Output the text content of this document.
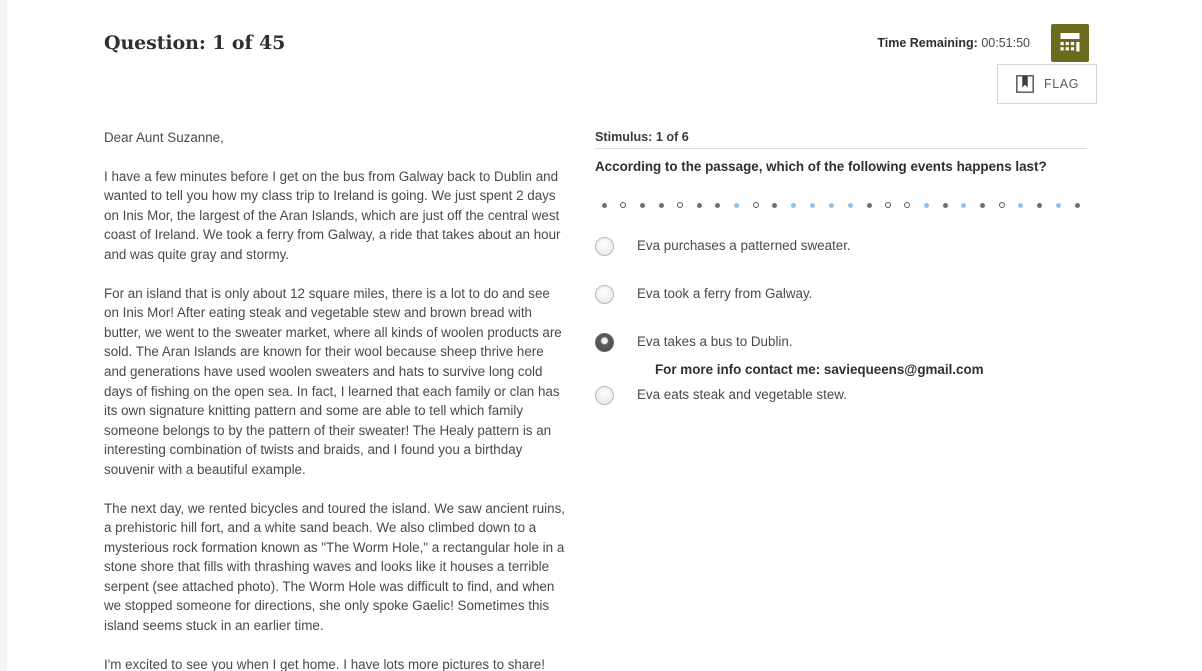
Question: 1 of 45	Time Remaining: 00:51:50
FLAG

Dear Aunt Suzanne,

I have a few minutes before I get on the bus from Galway back to Dublin and wanted to tell you how my class trip to Ireland is going. We just spent 2 days on Inis Mor, the largest of the Aran Islands, which are just off the central west coast of Ireland. We took a ferry from Galway, a ride that takes about an hour and was quite gray and stormy.

For an island that is only about 12 square miles, there is a lot to do and see on Inis Mor! After eating steak and vegetable stew and brown bread with butter, we went to the sweater market, where all kinds of woolen products are sold. The Aran Islands are known for their wool because sheep thrive here and generations have used woolen sweaters and hats to survive long cold days of fishing on the open sea. In fact, I learned that each family or clan has its own signature knitting pattern and some are able to tell which family someone belongs to by the pattern of their sweater! The Healy pattern is an interesting combination of twists and braids, and I found you a birthday souvenir with a beautiful example.

The next day, we rented bicycles and toured the island. We saw ancient ruins, a prehistoric hill fort, and a white sand beach. We also climbed down to a mysterious rock formation known as "The Worm Hole," a rectangular hole in a stone shore that fills with thrashing waves and looks like it houses a terrible serpent (see attached photo). The Worm Hole was difficult to find, and when we stopped someone for directions, she only spoke Gaelic! Sometimes this island seems stuck in an earlier time.

I'm excited to see you when I get home. I have lots more pictures to share!

Stimulus: 1 of 6
According to the passage, which of the following events happens last?
Eva purchases a patterned sweater.
Eva took a ferry from Galway.
Eva takes a bus to Dublin.
For more info contact me: saviequeens@gmail.com
Eva eats steak and vegetable stew.
